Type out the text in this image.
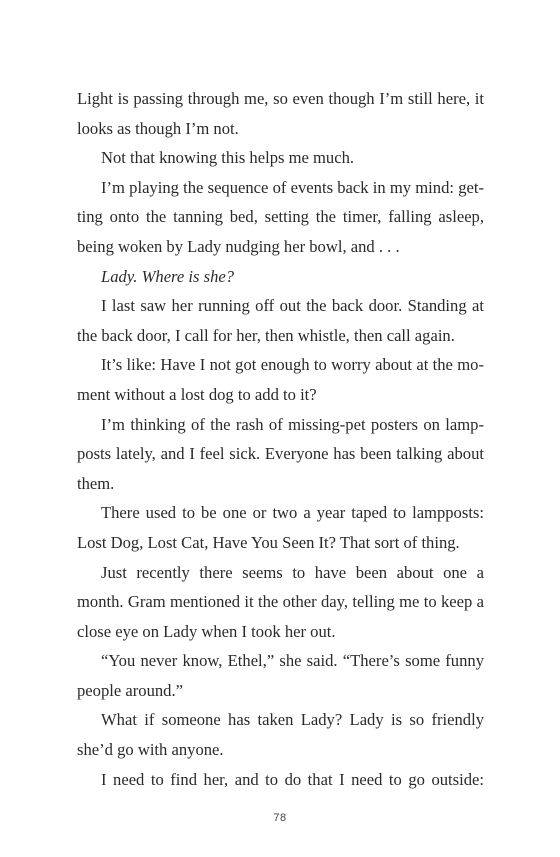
Light is passing through me, so even though I’m still here, it looks as though I’m not.

Not that knowing this helps me much.

I’m playing the sequence of events back in my mind: get-ting onto the tanning bed, setting the timer, falling asleep, being woken by Lady nudging her bowl, and . . .

Lady. Where is she?

I last saw her running off out the back door. Standing at the back door, I call for her, then whistle, then call again.

It’s like: Have I not got enough to worry about at the mo-ment without a lost dog to add to it?

I’m thinking of the rash of missing-pet posters on lamp-posts lately, and I feel sick. Everyone has been talking about them.

There used to be one or two a year taped to lampposts: Lost Dog, Lost Cat, Have You Seen It? That sort of thing.

Just recently there seems to have been about one a month. Gram mentioned it the other day, telling me to keep a close eye on Lady when I took her out.

“You never know, Ethel,” she said. “There’s some funny people around.”

What if someone has taken Lady? Lady is so friendly she’d go with anyone.

I need to find her, and to do that I need to go outside:

78
